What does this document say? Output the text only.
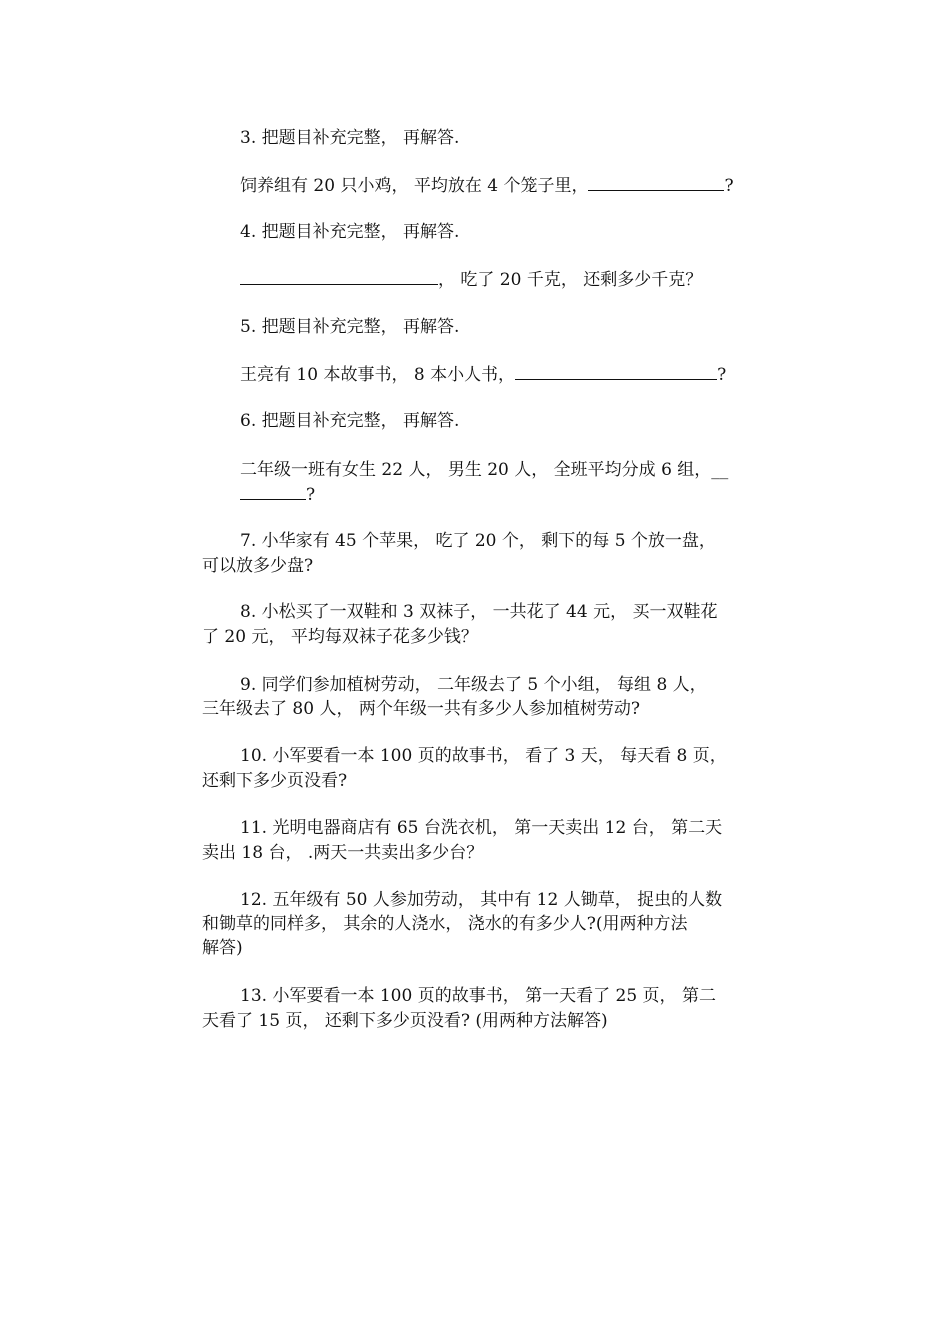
3. 把题目补充完整， 再解答.
饲养组有 20 只小鸡， 平均放在 4 个笼子里，	?
4. 把题目补充完整， 再解答.
， 吃了 20 千克， 还剩多少千克？
5. 把题目补充完整， 再解答.
王亮有 10 本故事书， 8 本小人书，	?
6. 把题目补充完整， 再解答.
二年级一班有女生 22 人， 男生 20 人， 全班平均分成 6 组，__
?
7. 小华家有 45 个苹果， 吃了 20 个， 剩下的每 5 个放一盘，
可以放多少盘?
8. 小松买了一双鞋和 3 双袜子， 一共花了 44 元， 买一双鞋花
了 20 元， 平均每双袜子花多少钱？
9. 同学们参加植树劳动， 二年级去了 5 个小组， 每组 8 人，
三年级去了 80 人， 两个年级一共有多少人参加植树劳动?
10. 小军要看一本 100 页的故事书， 看了 3 天， 每天看 8 页，
还剩下多少页没看?
11. 光明电器商店有 65 台洗衣机， 第一天卖出 12 台， 第二天
卖出 18 台， .两天一共卖出多少台？
12. 五年级有 50 人参加劳动， 其中有 12 人锄草， 捉虫的人数
和锄草的同样多， 其余的人浇水， 浇水的有多少人?(用两种方法
解答)
13. 小军要看一本 100 页的故事书， 第一天看了 25 页， 第二
天看了 15 页， 还剩下多少页没看? (用两种方法解答)
